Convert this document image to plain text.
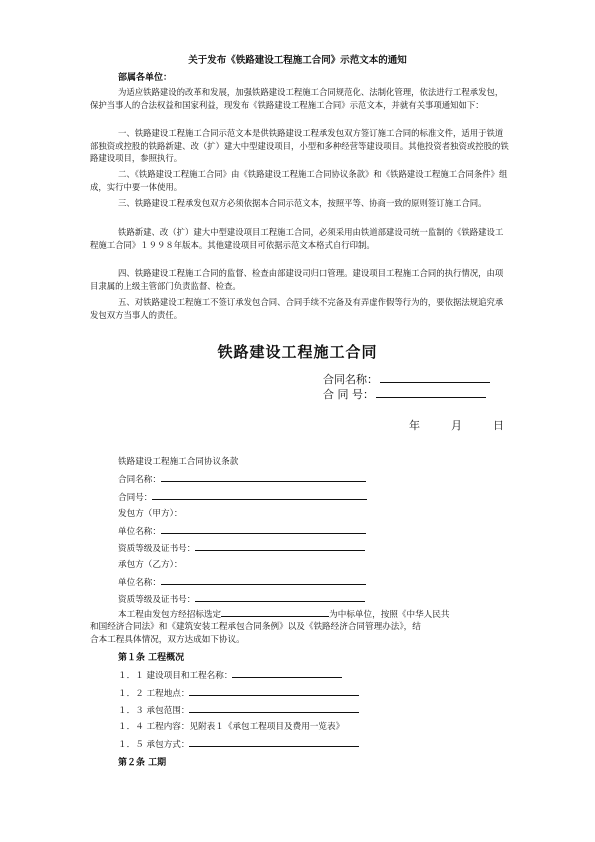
关于发布《铁路建设工程施工合同》示范文本的通知
部属各单位：

为适应铁路建设的改革和发展，加强铁路建设工程施工合同规范化、法制化管理，依法进行工程承发包，保护当事人的合法权益和国家利益，现发布《铁路建设工程施工合同》示范文本，并就有关事项通知如下：

一、铁路建设工程施工合同示范文本是供铁路建设工程承发包双方签订施工合同的标准文件，适用于铁道部独资或控股的铁路新建、改（扩）建大中型建设项目，小型和多种经营等建设项目。其他投资者独资或控股的铁路建设项目，参照执行。

二、《铁路建设工程施工合同》由《铁路建设工程施工合同协议条款》和《铁路建设工程施工合同条件》组成，实行中要一体使用。

三、铁路建设工程承发包双方必须依据本合同示范文本，按照平等、协商一致的原则签订施工合同。

铁路新建、改（扩）建大中型建设项目工程施工合同，必须采用由铁道部建设司统一监制的《铁路建设工程施工合同》１９９８年版本。其他建设项目可依据示范文本格式自行印制。

四、铁路建设工程施工合同的监督、检查由部建设司归口管理。建设项目工程施工合同的执行情况，由项目隶属的上级主管部门负责监督、检查。

五、对铁路建设工程施工不签订承发包合同、合同手续不完备及有弄虚作假等行为的，要依据法规追究承发包双方当事人的责任。

铁路建设工程施工合同
合同名称：
合 同 号：
年	月	日
铁路建设工程施工合同协议条款
合同名称：
合同号：
发包方（甲方）：
单位名称：
资质等级及证书号：
承包方（乙方）：
单位名称：
资质等级及证书号：
本工程由发包方经招标选定	为中标单位，按照《中华人民共
和国经济合同法》和《建筑安装工程承包合同条例》以及《铁路经济合同管理办法》，结
合本工程具体情况，双方达成如下协议。
第１条 工程概况
１．１ 建设项目和工程名称：
１．２ 工程地点：
１．３ 承包范围：
１．４ 工程内容：见附表１《承包工程项目及费用一览表》
１．５ 承包方式：
第２条 工期
